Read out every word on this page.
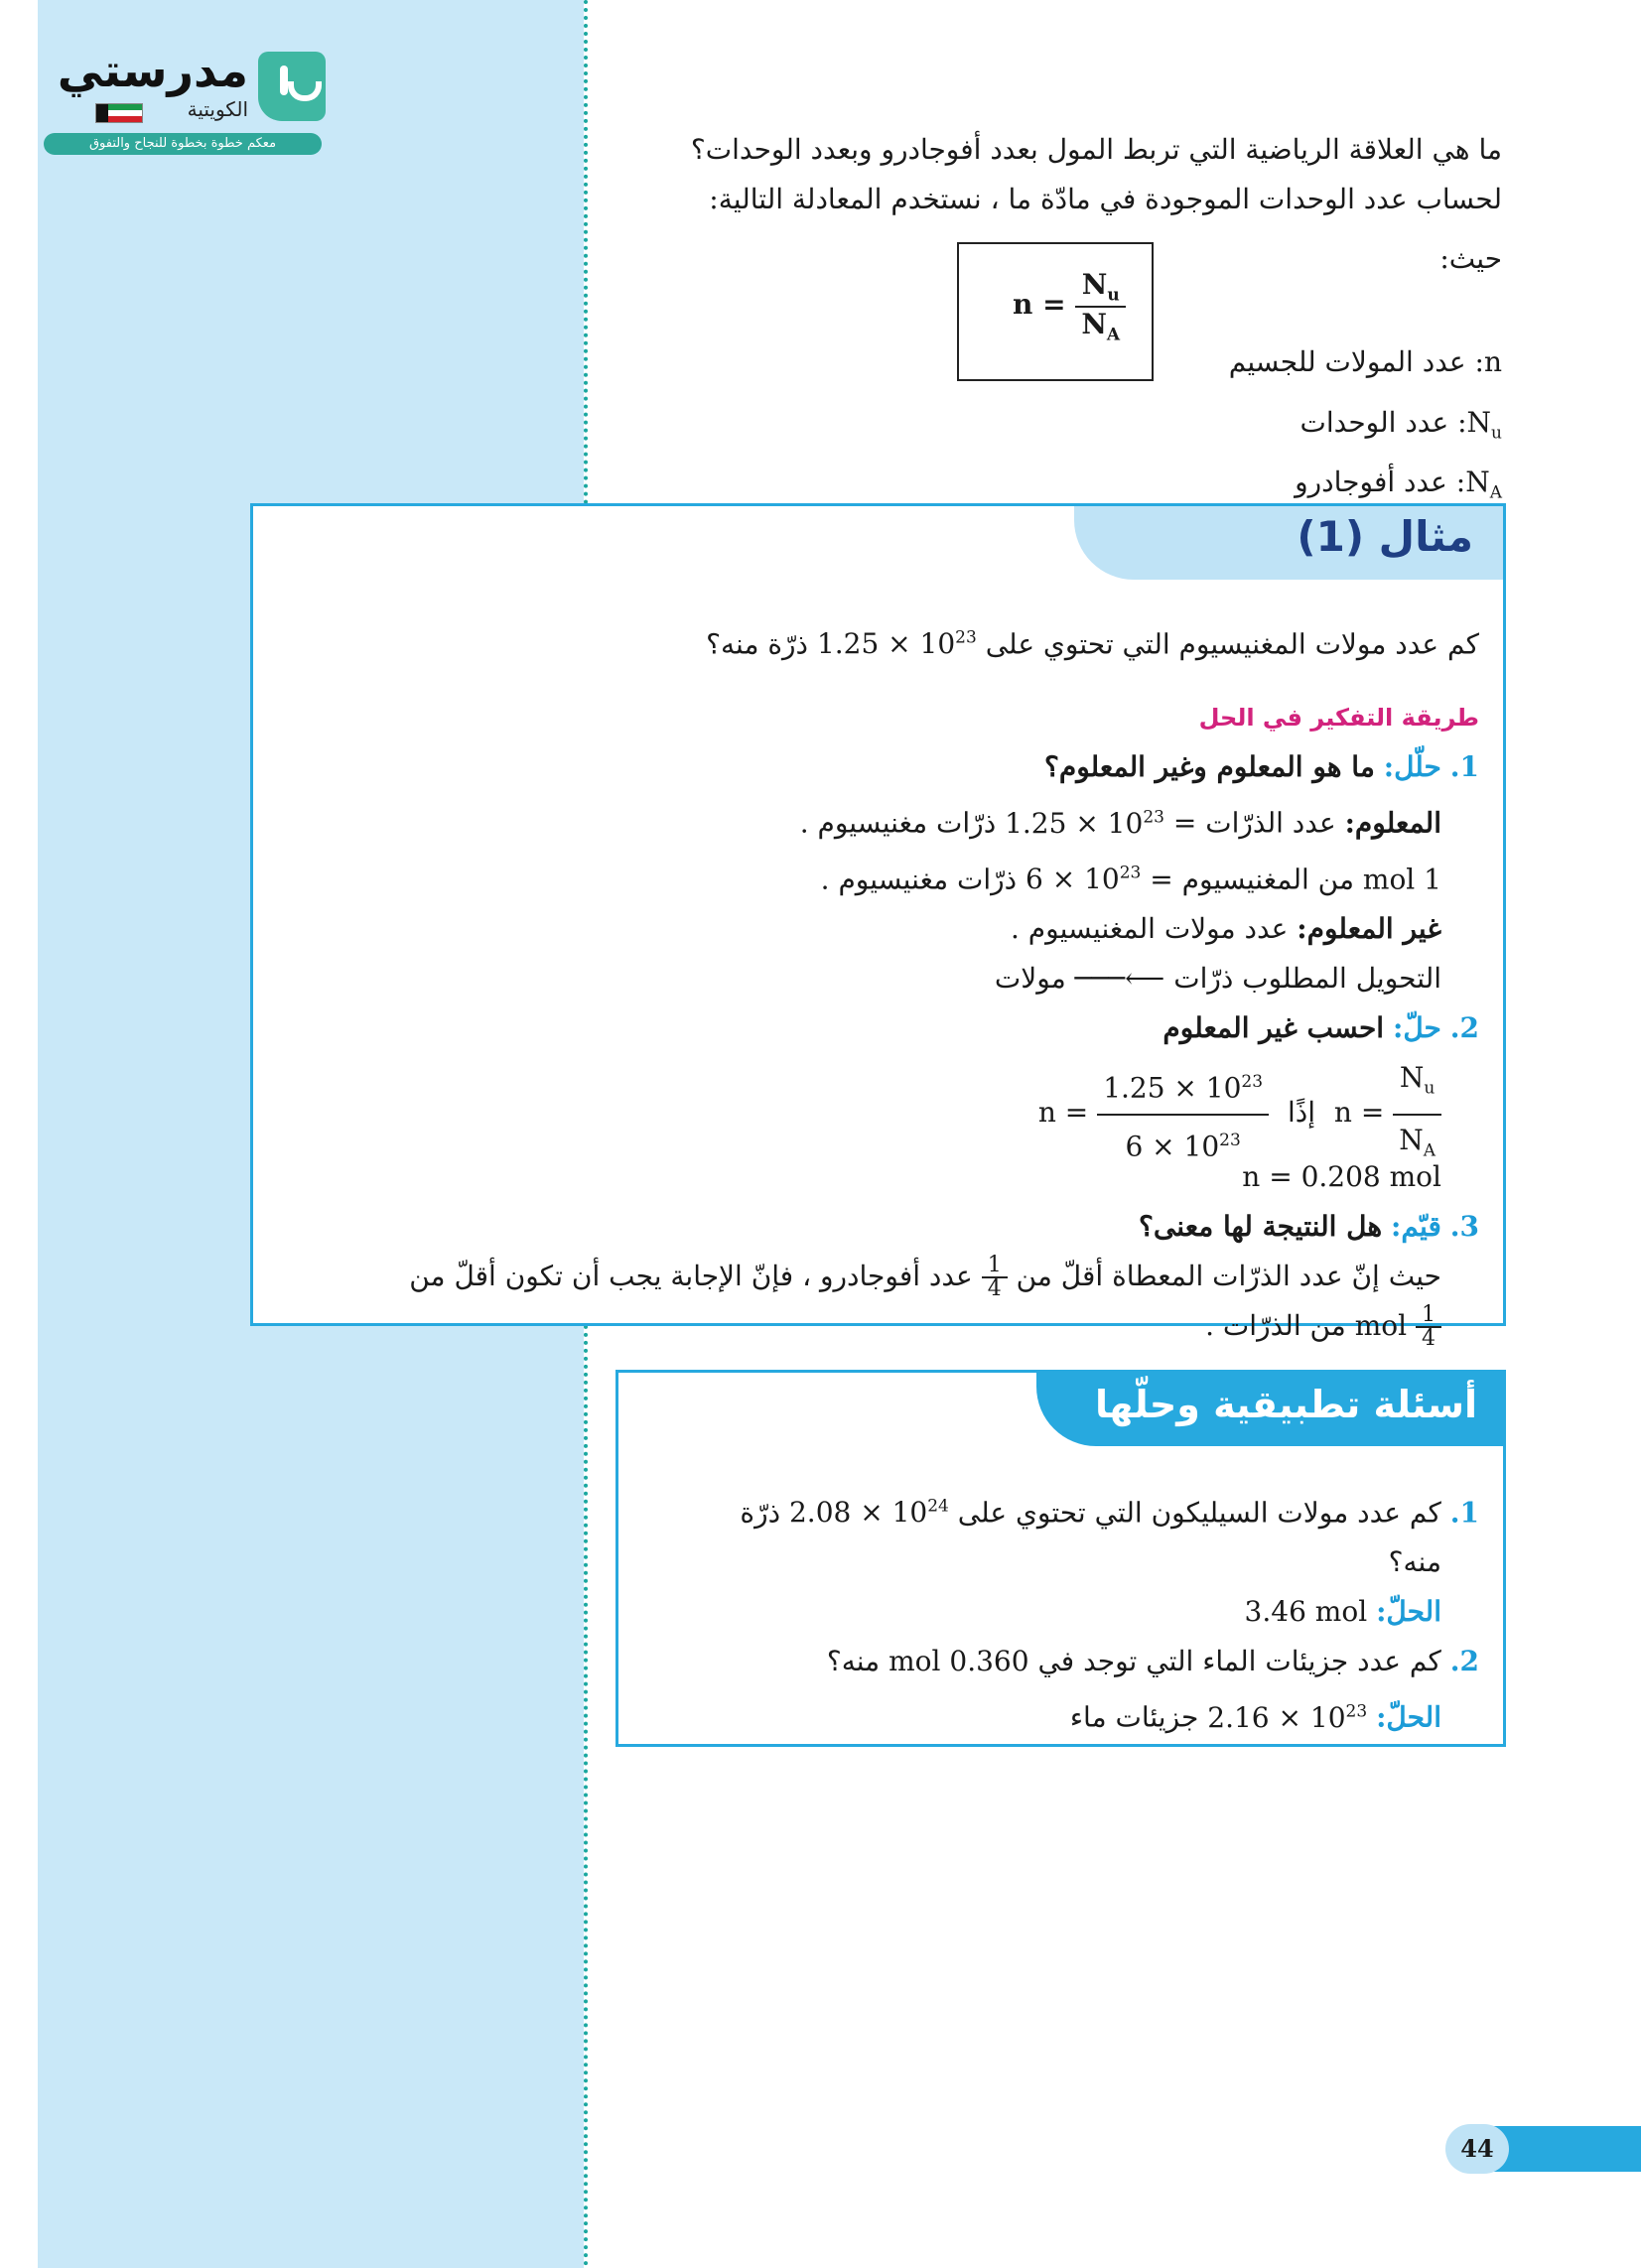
مدرستي
الكويتية
معكم خطوة بخطوة للنجاح والتفوق	ما هي العلاقة الرياضية التي تربط المول بعدد أفوجادرو وبعدد الوحدات؟

لحساب عدد الوحدات الموجودة في مادّة ما ، نستخدم المعادلة التالية:

حيث:

$n = \frac{N_u}{N_A}$
n: عدد المولات للجسيم
$N_u$: عدد الوحدات
$N_A$: عدد أفوجادرو
مثال (1)

كم عدد مولات المغنيسيوم التي تحتوي على $1.25 \times 10^{23}$ ذرّة منه؟

طريقة التفكير في الحل

1. حلّل: ما هو المعلوم وغير المعلوم؟

المعلوم: عدد الذرّات = $1.25 \times 10^{23}$ ذرّات مغنيسيوم .

1 mol من المغنيسيوم = $6 \times 10^{23}$ ذرّات مغنيسيوم .

غير المعلوم: عدد مولات المغنيسيوم .

التحويل المطلوب ذرّات ⟵─── مولات

2. حلّ: احسب غير المعلوم

$n = \frac{1.25 \times 10^{23}}{6 \times 10^{23}}$ إذًا $n = \frac{N_u}{N_A}$

n = 0.208 mol

3. قيّم: هل النتيجة لها معنى؟

حيث إنّ عدد الذرّات المعطاة أقلّ من
$\frac{1}{4}$
عدد أفوجادرو ، فإنّ الإجابة يجب أن تكون أقلّ من

$\frac{1}{4}$
mol من الذرّات .

أسئلة تطبيقية وحلّها

1. كم عدد مولات السيليكون التي تحتوي على $2.08 \times 10^{24}$ ذرّة

منه؟

الحلّ: 3.46 mol

2. كم عدد جزيئات الماء التي توجد في 0.360 mol منه؟

الحلّ: $2.16 \times 10^{23}$ جزيئات ماء

44
